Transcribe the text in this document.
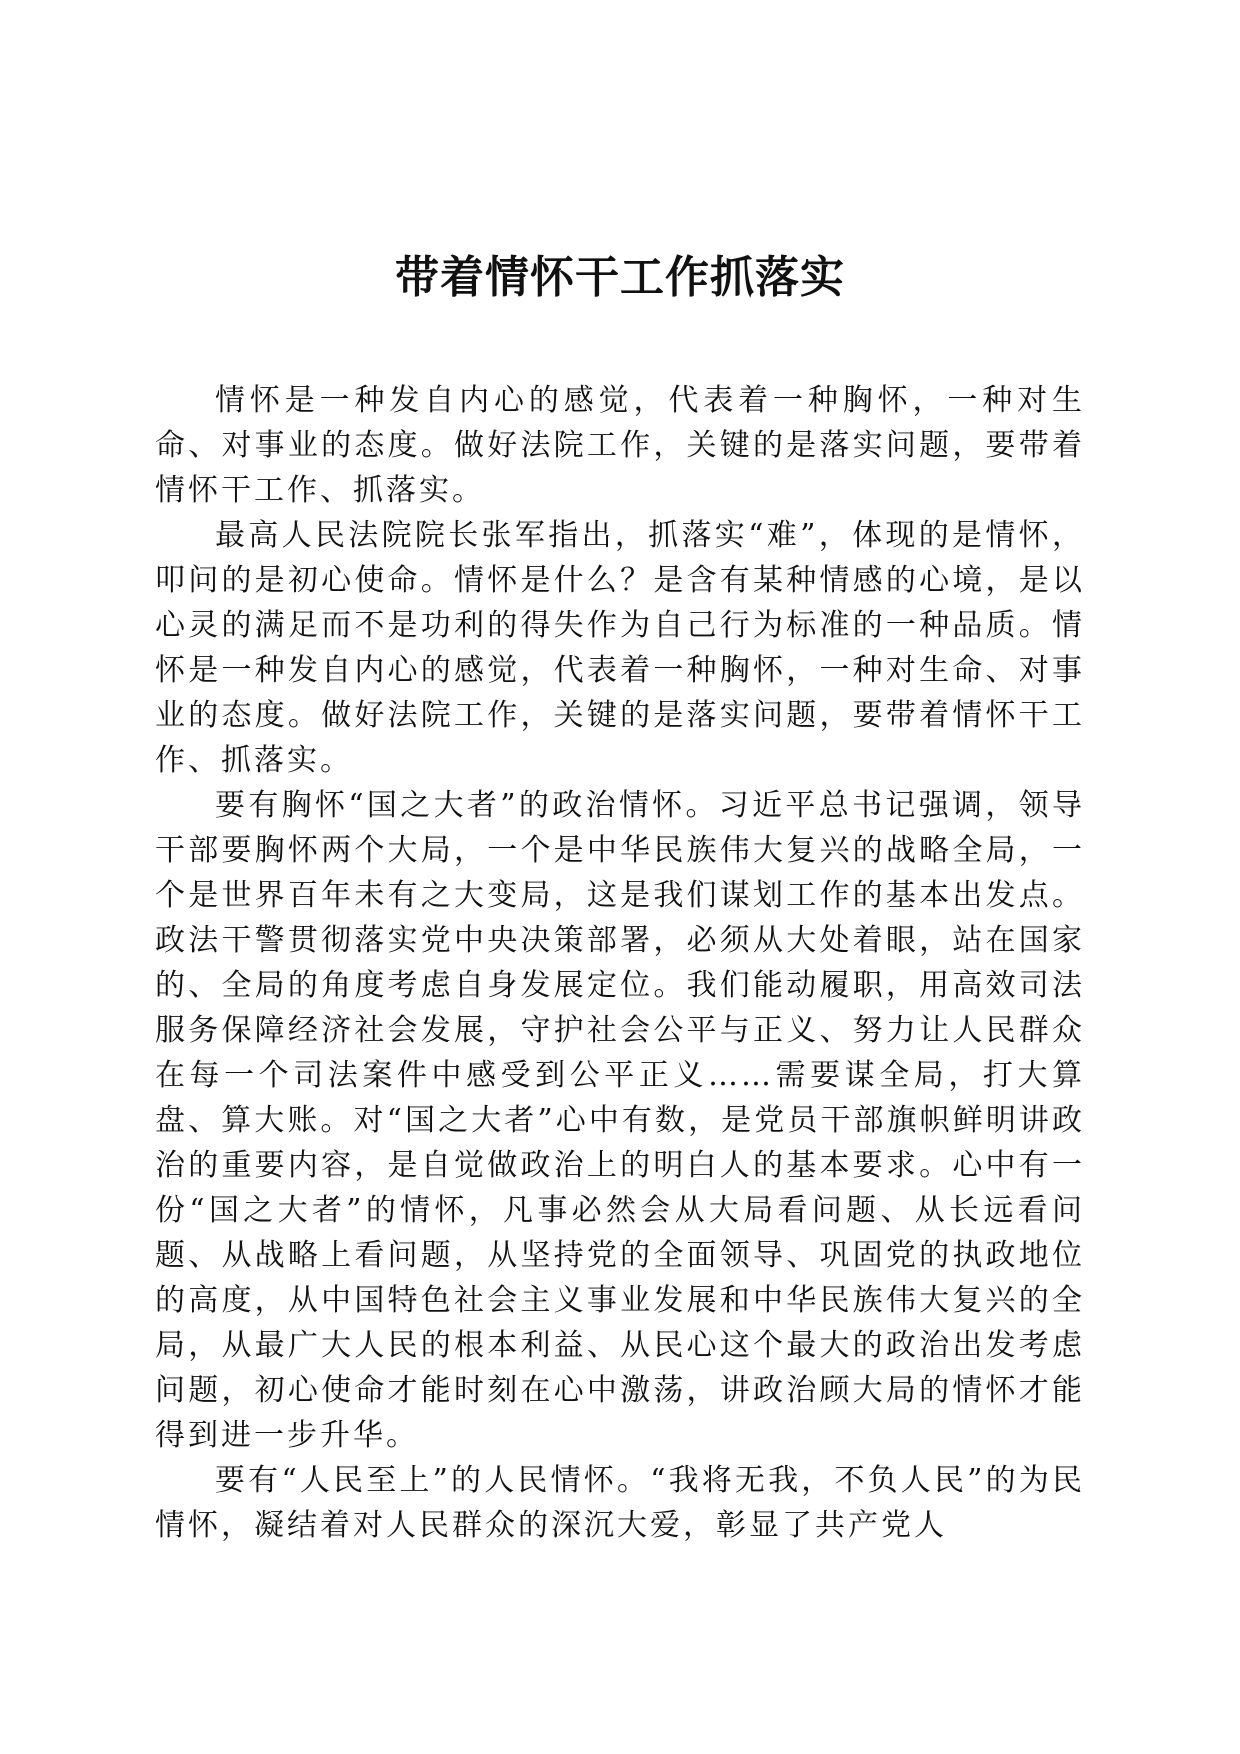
带着情怀干工作抓落实

情怀是一种发自内心的感觉，代表着一种胸怀，一种对生命、对事业的态度。做好法院工作，关键的是落实问题，要带着情怀干工作、抓落实。

最高人民法院院长张军指出，抓落实“难”，体现的是情怀，叩问的是初心使命。情怀是什么？是含有某种情感的心境，是以心灵的满足而不是功利的得失作为自己行为标准的一种品质。情怀是一种发自内心的感觉，代表着一种胸怀，一种对生命、对事业的态度。做好法院工作，关键的是落实问题，要带着情怀干工作、抓落实。

要有胸怀“国之大者”的政治情怀。习近平总书记强调，领导干部要胸怀两个大局，一个是中华民族伟大复兴的战略全局，一个是世界百年未有之大变局，这是我们谋划工作的基本出发点。政法干警贯彻落实党中央决策部署，必须从大处着眼，站在国家的、全局的角度考虑自身发展定位。我们能动履职，用高效司法服务保障经济社会发展，守护社会公平与正义、努力让人民群众在每一个司法案件中感受到公平正义……需要谋全局，打大算盘、算大账。对“国之大者”心中有数，是党员干部旗帜鲜明讲政治的重要内容，是自觉做政治上的明白人的基本要求。心中有一份“国之大者”的情怀，凡事必然会从大局看问题、从长远看问题、从战略上看问题，从坚持党的全面领导、巩固党的执政地位的高度，从中国特色社会主义事业发展和中华民族伟大复兴的全局，从最广大人民的根本利益、从民心这个最大的政治出发考虑问题，初心使命才能时刻在心中激荡，讲政治顾大局的情怀才能得到进一步升华。

要有“人民至上”的人民情怀。“我将无我，不负人民”的为民情怀，凝结着对人民群众的深沉大爱，彰显了共产党人
